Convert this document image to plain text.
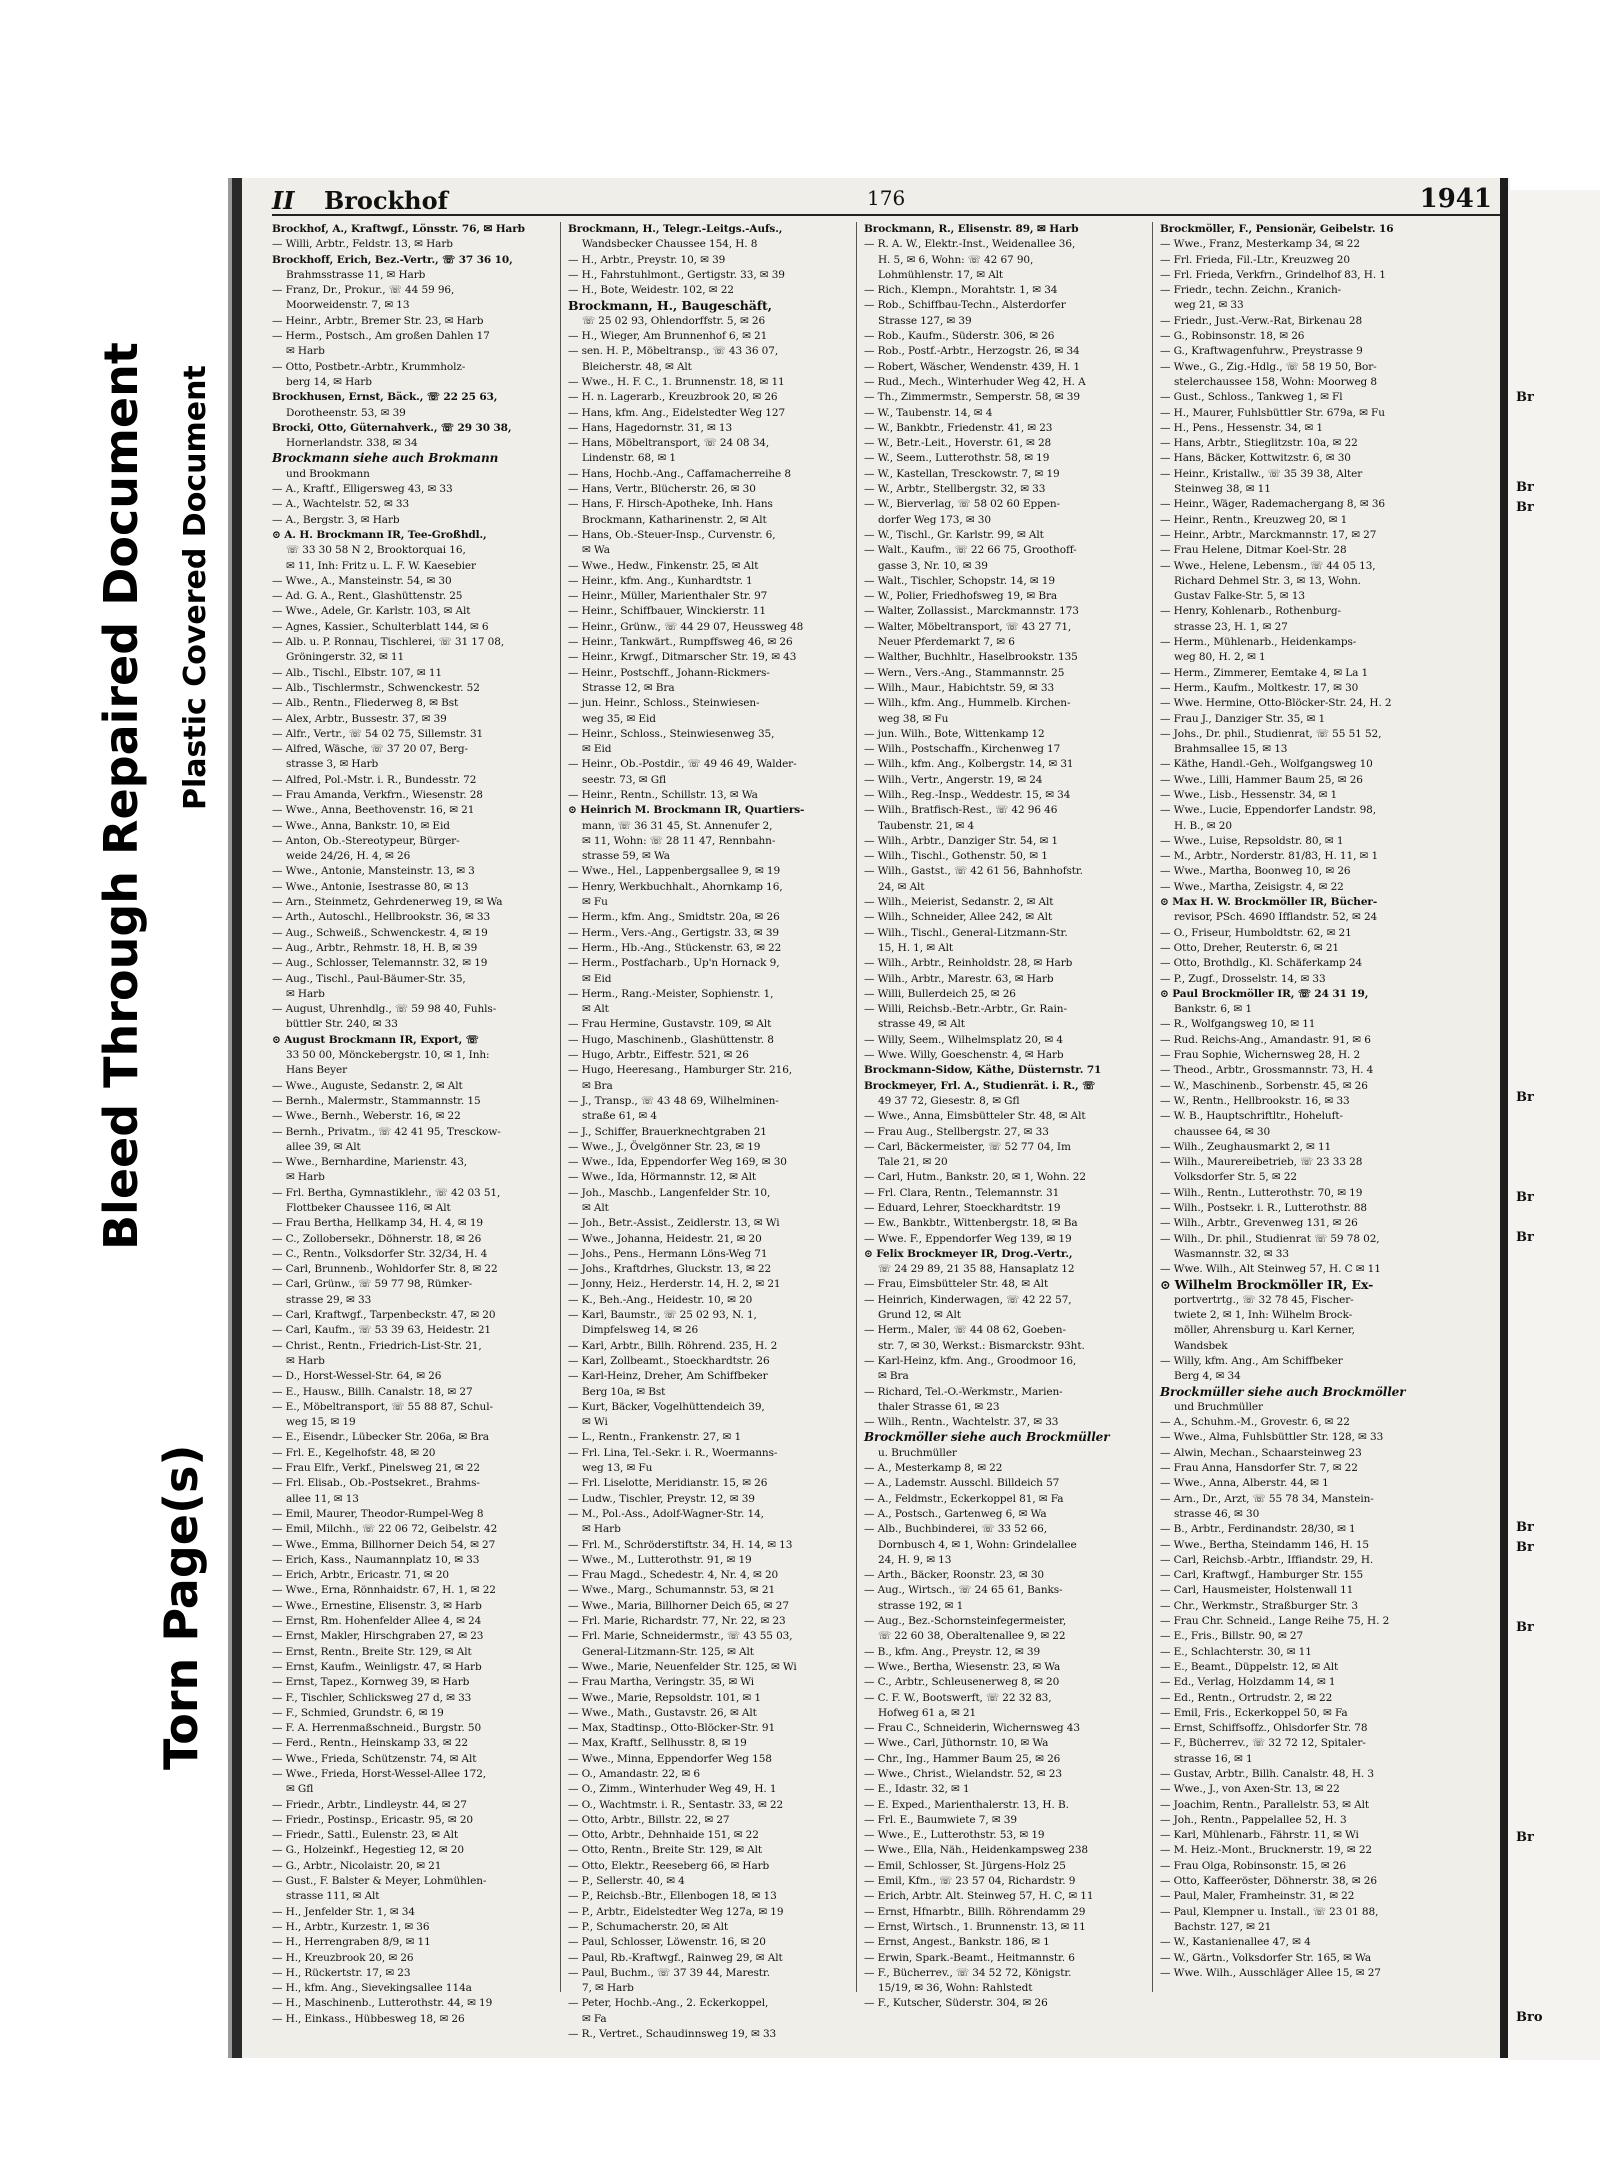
Torn Page(s)
Bleed Through Repaired Document Plastic Covered Document
II Brockhof	176	1941
Brockhof, A., Kraftwgf., Lönsstr. 76, ✉ Harb
— Willi, Arbtr., Feldstr. 13, ✉ Harb
Brockhoff, Erich, Bez.-Vertr., ☏ 37 36 10,
Brahmsstrasse 11, ✉ Harb
— Franz, Dr., Prokur., ☏ 44 59 96,
Moorweidenstr. 7, ✉ 13
— Heinr., Arbtr., Bremer Str. 23, ✉ Harb
— Herm., Postsch., Am großen Dahlen 17
✉ Harb
— Otto, Postbetr.-Arbtr., Krummholz-
berg 14, ✉ Harb
Brockhusen, Ernst, Bäck., ☏ 22 25 63,
Dorotheenstr. 53, ✉ 39
Brocki, Otto, Güternahverk., ☏ 29 30 38,
Hornerlandstr. 338, ✉ 34
Brockmann siehe auch Brokmann
und Brookmann
— A., Kraftf., Elligersweg 43, ✉ 33
— A., Wachtelstr. 52, ✉ 33
— A., Bergstr. 3, ✉ Harb
⊙ A. H. Brockmann IR, Tee-Großhdl.,
☏ 33 30 58 N 2, Brooktorquai 16,
✉ 11, Inh: Fritz u. L. F. W. Kaesebier
— Wwe., A., Mansteinstr. 54, ✉ 30
— Ad. G. A., Rent., Glashüttenstr. 25
— Wwe., Adele, Gr. Karlstr. 103, ✉ Alt
— Agnes, Kassier., Schulterblatt 144, ✉ 6
— Alb. u. P. Ronnau, Tischlerei, ☏ 31 17 08,
Gröningerstr. 32, ✉ 11
— Alb., Tischl., Elbstr. 107, ✉ 11
— Alb., Tischlermstr., Schwenckestr. 52
— Alb., Rentn., Fliederweg 8, ✉ Bst
— Alex, Arbtr., Bussestr. 37, ✉ 39
— Alfr., Vertr., ☏ 54 02 75, Sillemstr. 31
— Alfred, Wäsche, ☏ 37 20 07, Berg-
strasse 3, ✉ Harb
— Alfred, Pol.-Mstr. i. R., Bundesstr. 72
— Frau Amanda, Verkfrn., Wiesenstr. 28
— Wwe., Anna, Beethovenstr. 16, ✉ 21
— Wwe., Anna, Bankstr. 10, ✉ Eid
— Anton, Ob.-Stereotypeur, Bürger-
weide 24/26, H. 4, ✉ 26
— Wwe., Antonie, Mansteinstr. 13, ✉ 3
— Wwe., Antonie, Isestrasse 80, ✉ 13
— Arn., Steinmetz, Gehrdenerweg 19, ✉ Wa
— Arth., Autoschl., Hellbrookstr. 36, ✉ 33
— Aug., Schweiß., Schwenckestr. 4, ✉ 19
— Aug., Arbtr., Rehmstr. 18, H. B, ✉ 39
— Aug., Schlosser, Telemannstr. 32, ✉ 19
— Aug., Tischl., Paul-Bäumer-Str. 35,
✉ Harb
— August, Uhrenhdlg., ☏ 59 98 40, Fuhls-
büttler Str. 240, ✉ 33
⊙ August Brockmann IR, Export, ☏
33 50 00, Mönckebergstr. 10, ✉ 1, Inh:
Hans Beyer
— Wwe., Auguste, Sedanstr. 2, ✉ Alt
— Bernh., Malermstr., Stammannstr. 15
— Wwe., Bernh., Weberstr. 16, ✉ 22
— Bernh., Privatm., ☏ 42 41 95, Tresckow-
allee 39, ✉ Alt
— Wwe., Bernhardine, Marienstr. 43,
✉ Harb
— Frl. Bertha, Gymnastiklehr., ☏ 42 03 51,
Flottbeker Chaussee 116, ✉ Alt
— Frau Bertha, Hellkamp 34, H. 4, ✉ 19
— C., Zollobersekr., Döhnerstr. 18, ✉ 26
— C., Rentn., Volksdorfer Str. 32/34, H. 4
— Carl, Brunnenb., Wohldorfer Str. 8, ✉ 22
— Carl, Grünw., ☏ 59 77 98, Rümker-
strasse 29, ✉ 33
— Carl, Kraftwgf., Tarpenbeckstr. 47, ✉ 20
— Carl, Kaufm., ☏ 53 39 63, Heidestr. 21
— Christ., Rentn., Friedrich-List-Str. 21,
✉ Harb
— D., Horst-Wessel-Str. 64, ✉ 26
— E., Hausw., Billh. Canalstr. 18, ✉ 27
— E., Möbeltransport, ☏ 55 88 87, Schul-
weg 15, ✉ 19
— E., Eisendr., Lübecker Str. 206a, ✉ Bra
— Frl. E., Kegelhofstr. 48, ✉ 20
— Frau Elfr., Verkf., Pinelsweg 21, ✉ 22
— Frl. Elisab., Ob.-Postsekret., Brahms-
allee 11, ✉ 13
— Emil, Maurer, Theodor-Rumpel-Weg 8
— Emil, Milchh., ☏ 22 06 72, Geibelstr. 42
— Wwe., Emma, Billhorner Deich 54, ✉ 27
— Erich, Kass., Naumannplatz 10, ✉ 33
— Erich, Arbtr., Ericastr. 71, ✉ 20
— Wwe., Erna, Rönnhaidstr. 67, H. 1, ✉ 22
— Wwe., Ernestine, Elisenstr. 3, ✉ Harb
— Ernst, Rm. Hohenfelder Allee 4, ✉ 24
— Ernst, Makler, Hirschgraben 27, ✉ 23
— Ernst, Rentn., Breite Str. 129, ✉ Alt
— Ernst, Kaufm., Weinligstr. 47, ✉ Harb
— Ernst, Tapez., Kornweg 39, ✉ Harb
— F., Tischler, Schlicksweg 27 d, ✉ 33
— F., Schmied, Grundstr. 6, ✉ 19
— F. A. Herrenmaßschneid., Burgstr. 50
— Ferd., Rentn., Heinskamp 33, ✉ 22
— Wwe., Frieda, Schützenstr. 74, ✉ Alt
— Wwe., Frieda, Horst-Wessel-Allee 172,
✉ Gfl
— Friedr., Arbtr., Lindleystr. 44, ✉ 27
— Friedr., Postinsp., Ericastr. 95, ✉ 20
— Friedr., Sattl., Eulenstr. 23, ✉ Alt
— G., Holzeinkf., Hegestieg 12, ✉ 20
— G., Arbtr., Nicolaistr. 20, ✉ 21
— Gust., F. Balster & Meyer, Lohmühlen-
strasse 111, ✉ Alt
— H., Jenfelder Str. 1, ✉ 34
— H., Arbtr., Kurzestr. 1, ✉ 36
— H., Herrengraben 8/9, ✉ 11
— H., Kreuzbrook 20, ✉ 26
— H., Rückertstr. 17, ✉ 23
— H., kfm. Ang., Sievekingsallee 114a
— H., Maschinenb., Lutterothstr. 44, ✉ 19
— H., Einkass., Hübbesweg 18, ✉ 26
Brockmann, H., Telegr.-Leitgs.-Aufs.,
Wandsbecker Chaussee 154, H. 8
— H., Arbtr., Preystr. 10, ✉ 39
— H., Fahrstuhlmont., Gertigstr. 33, ✉ 39
— H., Bote, Weidestr. 102, ✉ 22
Brockmann, H., Baugeschäft,
☏ 25 02 93, Ohlendorffstr. 5, ✉ 26
— H., Wieger, Am Brunnenhof 6, ✉ 21
— sen. H. P., Möbeltransp., ☏ 43 36 07,
Bleicherstr. 48, ✉ Alt
— Wwe., H. F. C., 1. Brunnenstr. 18, ✉ 11
— H. n. Lagerarb., Kreuzbrook 20, ✉ 26
— Hans, kfm. Ang., Eidelstedter Weg 127
— Hans, Hagedornstr. 31, ✉ 13
— Hans, Möbeltransport, ☏ 24 08 34,
Lindenstr. 68, ✉ 1
— Hans, Hochb.-Ang., Caffamacherreihe 8
— Hans, Vertr., Blücherstr. 26, ✉ 30
— Hans, F. Hirsch-Apotheke, Inh. Hans
Brockmann, Katharinenstr. 2, ✉ Alt
— Hans, Ob.-Steuer-Insp., Curvenstr. 6,
✉ Wa
— Wwe., Hedw., Finkenstr. 25, ✉ Alt
— Heinr., kfm. Ang., Kunhardtstr. 1
— Heinr., Müller, Marienthaler Str. 97
— Heinr., Schiffbauer, Winckierstr. 11
— Heinr., Grünw., ☏ 44 29 07, Heussweg 48
— Heinr., Tankwärt., Rumpffsweg 46, ✉ 26
— Heinr., Krwgf., Ditmarscher Str. 19, ✉ 43
— Heinr., Postschff., Johann-Rickmers-
Strasse 12, ✉ Bra
— jun. Heinr., Schloss., Steinwiesen-
weg 35, ✉ Eid
— Heinr., Schloss., Steinwiesenweg 35,
✉ Eid
— Heinr., Ob.-Postdir., ☏ 49 46 49, Walder-
seestr. 73, ✉ Gfl
— Heinr., Rentn., Schillstr. 13, ✉ Wa
⊙ Heinrich M. Brockmann IR, Quartiers-
mann, ☏ 36 31 45, St. Annenufer 2,
✉ 11, Wohn: ☏ 28 11 47, Rennbahn-
strasse 59, ✉ Wa
— Wwe., Hel., Lappenbergsallee 9, ✉ 19
— Henry, Werkbuchhalt., Ahornkamp 16,
✉ Fu
— Herm., kfm. Ang., Smidtstr. 20a, ✉ 26
— Herm., Vers.-Ang., Gertigstr. 33, ✉ 39
— Herm., Hb.-Ang., Stückenstr. 63, ✉ 22
— Herm., Postfacharb., Up'n Hornack 9,
✉ Eid
— Herm., Rang.-Meister, Sophienstr. 1,
✉ Alt
— Frau Hermine, Gustavstr. 109, ✉ Alt
— Hugo, Maschinenb., Glashüttenstr. 8
— Hugo, Arbtr., Eiffestr. 521, ✉ 26
— Hugo, Heeresang., Hamburger Str. 216,
✉ Bra
— J., Transp., ☏ 43 48 69, Wilhelminen-
straße 61, ✉ 4
— J., Schiffer, Brauerknechtgraben 21
— Wwe., J., Övelgönner Str. 23, ✉ 19
— Wwe., Ida, Eppendorfer Weg 169, ✉ 30
— Wwe., Ida, Hörmannstr. 12, ✉ Alt
— Joh., Maschb., Langenfelder Str. 10,
✉ Alt
— Joh., Betr.-Assist., Zeidlerstr. 13, ✉ Wi
— Wwe., Johanna, Heidestr. 21, ✉ 20
— Johs., Pens., Hermann Löns-Weg 71
— Johs., Kraftdrhes, Gluckstr. 13, ✉ 22
— Jonny, Heiz., Herderstr. 14, H. 2, ✉ 21
— K., Beh.-Ang., Heidestr. 10, ✉ 20
— Karl, Baumstr., ☏ 25 02 93, N. 1,
Dimpfelsweg 14, ✉ 26
— Karl, Arbtr., Billh. Röhrend. 235, H. 2
— Karl, Zollbeamt., Stoeckhardtstr. 26
— Karl-Heinz, Dreher, Am Schiffbeker
Berg 10a, ✉ Bst
— Kurt, Bäcker, Vogelhüttendeich 39,
✉ Wi
— L., Rentn., Frankenstr. 27, ✉ 1
— Frl. Lina, Tel.-Sekr. i. R., Woermanns-
weg 13, ✉ Fu
— Frl. Liselotte, Meridianstr. 15, ✉ 26
— Ludw., Tischler, Preystr. 12, ✉ 39
— M., Pol.-Ass., Adolf-Wagner-Str. 14,
✉ Harb
— Frl. M., Schröderstiftstr. 34, H. 14, ✉ 13
— Wwe., M., Lutterothstr. 91, ✉ 19
— Frau Magd., Schedestr. 4, Nr. 4, ✉ 20
— Wwe., Marg., Schumannstr. 53, ✉ 21
— Wwe., Maria, Billhorner Deich 65, ✉ 27
— Frl. Marie, Richardstr. 77, Nr. 22, ✉ 23
— Frl. Marie, Schneidermstr., ☏ 43 55 03,
General-Litzmann-Str. 125, ✉ Alt
— Wwe., Marie, Neuenfelder Str. 125, ✉ Wi
— Frau Martha, Veringstr. 35, ✉ Wi
— Wwe., Marie, Repsoldstr. 101, ✉ 1
— Wwe., Math., Gustavstr. 26, ✉ Alt
— Max, Stadtinsp., Otto-Blöcker-Str. 91
— Max, Kraftf., Sellhusstr. 8, ✉ 19
— Wwe., Minna, Eppendorfer Weg 158
— O., Amandastr. 22, ✉ 6
— O., Zimm., Winterhuder Weg 49, H. 1
— O., Wachtmstr. i. R., Sentastr. 33, ✉ 22
— Otto, Arbtr., Billstr. 22, ✉ 27
— Otto, Arbtr., Dehnhaide 151, ✉ 22
— Otto, Rentn., Breite Str. 129, ✉ Alt
— Otto, Elektr., Reeseberg 66, ✉ Harb
— P., Sellerstr. 40, ✉ 4
— P., Reichsb.-Btr., Ellenbogen 18, ✉ 13
— P., Arbtr., Eidelstedter Weg 127a, ✉ 19
— P., Schumacherstr. 20, ✉ Alt
— Paul, Schlosser, Löwenstr. 16, ✉ 20
— Paul, Rb.-Kraftwgf., Rainweg 29, ✉ Alt
— Paul, Buchm., ☏ 37 39 44, Marestr.
7, ✉ Harb
— Peter, Hochb.-Ang., 2. Eckerkoppel,
✉ Fa
— R., Vertret., Schaudinnsweg 19, ✉ 33
Brockmann, R., Elisenstr. 89, ✉ Harb
— R. A. W., Elektr.-Inst., Weidenallee 36,
H. 5, ✉ 6, Wohn: ☏ 42 67 90,
Lohmühlenstr. 17, ✉ Alt
— Rich., Klempn., Morahtstr. 1, ✉ 34
— Rob., Schiffbau-Techn., Alsterdorfer
Strasse 127, ✉ 39
— Rob., Kaufm., Süderstr. 306, ✉ 26
— Rob., Postf.-Arbtr., Herzogstr. 26, ✉ 34
— Robert, Wäscher, Wendenstr. 439, H. 1
— Rud., Mech., Winterhuder Weg 42, H. A
— Th., Zimmermstr., Semperstr. 58, ✉ 39
— W., Taubenstr. 14, ✉ 4
— W., Bankbtr., Friedenstr. 41, ✉ 23
— W., Betr.-Leit., Hoverstr. 61, ✉ 28
— W., Seem., Lutterothstr. 58, ✉ 19
— W., Kastellan, Tresckowstr. 7, ✉ 19
— W., Arbtr., Stellbergstr. 32, ✉ 33
— W., Bierverlag, ☏ 58 02 60 Eppen-
dorfer Weg 173, ✉ 30
— W., Tischl., Gr. Karlstr. 99, ✉ Alt
— Walt., Kaufm., ☏ 22 66 75, Groothoff-
gasse 3, Nr. 10, ✉ 39
— Walt., Tischler, Schopstr. 14, ✉ 19
— W., Polier, Friedhofsweg 19, ✉ Bra
— Walter, Zollassist., Marckmannstr. 173
— Walter, Möbeltransport, ☏ 43 27 71,
Neuer Pferdemarkt 7, ✉ 6
— Walther, Buchhltr., Haselbrookstr. 135
— Wern., Vers.-Ang., Stammannstr. 25
— Wilh., Maur., Habichtstr. 59, ✉ 33
— Wilh., kfm. Ang., Hummelb. Kirchen-
weg 38, ✉ Fu
— jun. Wilh., Bote, Wittenkamp 12
— Wilh., Postschaffn., Kirchenweg 17
— Wilh., kfm. Ang., Kolbergstr. 14, ✉ 31
— Wilh., Vertr., Angerstr. 19, ✉ 24
— Wilh., Reg.-Insp., Weddestr. 15, ✉ 34
— Wilh., Bratfisch-Rest., ☏ 42 96 46
Taubenstr. 21, ✉ 4
— Wilh., Arbtr., Danziger Str. 54, ✉ 1
— Wilh., Tischl., Gothenstr. 50, ✉ 1
— Wilh., Gastst., ☏ 42 61 56, Bahnhofstr.
24, ✉ Alt
— Wilh., Meierist, Sedanstr. 2, ✉ Alt
— Wilh., Schneider, Allee 242, ✉ Alt
— Wilh., Tischl., General-Litzmann-Str.
15, H. 1, ✉ Alt
— Wilh., Arbtr., Reinholdstr. 28, ✉ Harb
— Wilh., Arbtr., Marestr. 63, ✉ Harb
— Willi, Bullerdeich 25, ✉ 26
— Willi, Reichsb.-Betr.-Arbtr., Gr. Rain-
strasse 49, ✉ Alt
— Willy, Seem., Wilhelmsplatz 20, ✉ 4
— Wwe. Willy, Goeschenstr. 4, ✉ Harb
Brockmann-Sidow, Käthe, Düsternstr. 71
Brockmeyer, Frl. A., Studienrät. i. R., ☏
49 37 72, Giesestr. 8, ✉ Gfl
— Wwe., Anna, Eimsbütteler Str. 48, ✉ Alt
— Frau Aug., Stellbergstr. 27, ✉ 33
— Carl, Bäckermeister, ☏ 52 77 04, Im
Tale 21, ✉ 20
— Carl, Hutm., Bankstr. 20, ✉ 1, Wohn. 22
— Frl. Clara, Rentn., Telemannstr. 31
— Eduard, Lehrer, Stoeckhardtstr. 19
— Ew., Bankbtr., Wittenbergstr. 18, ✉ Ba
— Wwe. F., Eppendorfer Weg 139, ✉ 19
⊙ Felix Brockmeyer IR, Drog.-Vertr.,
☏ 24 29 89, 21 35 88, Hansaplatz 12
— Frau, Eimsbütteler Str. 48, ✉ Alt
— Heinrich, Kinderwagen, ☏ 42 22 57,
Grund 12, ✉ Alt
— Herm., Maler, ☏ 44 08 62, Goeben-
str. 7, ✉ 30, Werkst.: Bismarckstr. 93ht.
— Karl-Heinz, kfm. Ang., Groodmoor 16,
✉ Bra
— Richard, Tel.-O.-Werkmstr., Marien-
thaler Strasse 61, ✉ 23
— Wilh., Rentn., Wachtelstr. 37, ✉ 33
Brockmöller siehe auch Brockmüller
u. Bruchmüller
— A., Mesterkamp 8, ✉ 22
— A., Lademstr. Ausschl. Billdeich 57
— A., Feldmstr., Eckerkoppel 81, ✉ Fa
— A., Postsch., Gartenweg 6, ✉ Wa
— Alb., Buchbinderei, ☏ 33 52 66,
Dornbusch 4, ✉ 1, Wohn: Grindelallee
24, H. 9, ✉ 13
— Arth., Bäcker, Roonstr. 23, ✉ 30
— Aug., Wirtsch., ☏ 24 65 61, Banks-
strasse 192, ✉ 1
— Aug., Bez.-Schornsteinfegermeister,
☏ 22 60 38, Oberaltenallee 9, ✉ 22
— B., kfm. Ang., Preystr. 12, ✉ 39
— Wwe., Bertha, Wiesenstr. 23, ✉ Wa
— C., Arbtr., Schleusenerweg 8, ✉ 20
— C. F. W., Bootswerft, ☏ 22 32 83,
Hofweg 61 a, ✉ 21
— Frau C., Schneiderin, Wichernsweg 43
— Wwe., Carl, Jüthornstr. 10, ✉ Wa
— Chr., Ing., Hammer Baum 25, ✉ 26
— Wwe., Christ., Wielandstr. 52, ✉ 23
— E., Idastr. 32, ✉ 1
— E. Exped., Marienthalerstr. 13, H. B.
— Frl. E., Baumwiete 7, ✉ 39
— Wwe., E., Lutterothstr. 53, ✉ 19
— Wwe., Ella, Näh., Heidenkampsweg 238
— Emil, Schlosser, St. Jürgens-Holz 25
— Emil, Kfm., ☏ 23 57 04, Richardstr. 9
— Erich, Arbtr. Alt. Steinweg 57, H. C, ✉ 11
— Ernst, Hfnarbtr., Billh. Röhrendamm 29
— Ernst, Wirtsch., 1. Brunnenstr. 13, ✉ 11
— Ernst, Angest., Bankstr. 186, ✉ 1
— Erwin, Spark.-Beamt., Heitmannstr. 6
— F., Bücherrev., ☏ 34 52 72, Königstr.
15/19, ✉ 36, Wohn: Rahlstedt
— F., Kutscher, Süderstr. 304, ✉ 26
Brockmöller, F., Pensionär, Geibelstr. 16
— Wwe., Franz, Mesterkamp 34, ✉ 22
— Frl. Frieda, Fil.-Ltr., Kreuzweg 20
— Frl. Frieda, Verkfrn., Grindelhof 83, H. 1
— Friedr., techn. Zeichn., Kranich-
weg 21, ✉ 33
— Friedr., Just.-Verw.-Rat, Birkenau 28
— G., Robinsonstr. 18, ✉ 26
— G., Kraftwagenfuhrw., Preystrasse 9
— Wwe., G., Zig.-Hdlg., ☏ 58 19 50, Bor-
stelerchaussee 158, Wohn: Moorweg 8
— Gust., Schloss., Tankweg 1, ✉ Fl
— H., Maurer, Fuhlsbüttler Str. 679a, ✉ Fu
— H., Pens., Hessenstr. 34, ✉ 1
— Hans, Arbtr., Stieglitzstr. 10a, ✉ 22
— Hans, Bäcker, Kottwitzstr. 6, ✉ 30
— Heinr., Kristallw., ☏ 35 39 38, Alter
Steinweg 38, ✉ 11
— Heinr., Wäger, Rademachergang 8, ✉ 36
— Heinr., Rentn., Kreuzweg 20, ✉ 1
— Heinr., Arbtr., Marckmannstr. 17, ✉ 27
— Frau Helene, Ditmar Koel-Str. 28
— Wwe., Helene, Lebensm., ☏ 44 05 13,
Richard Dehmel Str. 3, ✉ 13, Wohn.
Gustav Falke-Str. 5, ✉ 13
— Henry, Kohlenarb., Rothenburg-
strasse 23, H. 1, ✉ 27
— Herm., Mühlenarb., Heidenkamps-
weg 80, H. 2, ✉ 1
— Herm., Zimmerer, Eemtake 4, ✉ La 1
— Herm., Kaufm., Moltkestr. 17, ✉ 30
— Wwe. Hermine, Otto-Blöcker-Str. 24, H. 2
— Frau J., Danziger Str. 35, ✉ 1
— Johs., Dr. phil., Studienrat, ☏ 55 51 52,
Brahmsallee 15, ✉ 13
— Käthe, Handl.-Geh., Wolfgangsweg 10
— Wwe., Lilli, Hammer Baum 25, ✉ 26
— Wwe., Lisb., Hessenstr. 34, ✉ 1
— Wwe., Lucie, Eppendorfer Landstr. 98,
H. B., ✉ 20
— Wwe., Luise, Repsoldstr. 80, ✉ 1
— M., Arbtr., Norderstr. 81/83, H. 11, ✉ 1
— Wwe., Martha, Boonweg 10, ✉ 26
— Wwe., Martha, Zeisigstr. 4, ✉ 22
⊙ Max H. W. Brockmöller IR, Bücher-
revisor, PSch. 4690 Ifflandstr. 52, ✉ 24
— O., Friseur, Humboldtstr. 62, ✉ 21
— Otto, Dreher, Reuterstr. 6, ✉ 21
— Otto, Brothdlg., Kl. Schäferkamp 24
— P., Zugf., Drosselstr. 14, ✉ 33
⊙ Paul Brockmöller IR, ☏ 24 31 19,
Bankstr. 6, ✉ 1
— R., Wolfgangsweg 10, ✉ 11
— Rud. Reichs-Ang., Amandastr. 91, ✉ 6
— Frau Sophie, Wichernsweg 28, H. 2
— Theod., Arbtr., Grossmannstr. 73, H. 4
— W., Maschinenb., Sorbenstr. 45, ✉ 26
— W., Rentn., Hellbrookstr. 16, ✉ 33
— W. B., Hauptschriftltr., Hoheluft-
chaussee 64, ✉ 30
— Wilh., Zeughausmarkt 2, ✉ 11
— Wilh., Maurereibetrieb, ☏ 23 33 28
Volksdorfer Str. 5, ✉ 22
— Wilh., Rentn., Lutterothstr. 70, ✉ 19
— Wilh., Postsekr. i. R., Lutterothstr. 88
— Wilh., Arbtr., Grevenweg 131, ✉ 26
— Wilh., Dr. phil., Studienrat ☏ 59 78 02,
Wasmannstr. 32, ✉ 33
— Wwe. Wilh., Alt Steinweg 57, H. C ✉ 11
⊙ Wilhelm Brockmöller IR, Ex-
portvertrtg., ☏ 32 78 45, Fischer-
twiete 2, ✉ 1, Inh: Wilhelm Brock-
möller, Ahrensburg u. Karl Kerner,
Wandsbek
— Willy, kfm. Ang., Am Schiffbeker
Berg 4, ✉ 34
Brockmüller siehe auch Brockmöller
und Bruchmüller
— A., Schuhm.-M., Grovestr. 6, ✉ 22
— Wwe., Alma, Fuhlsbüttler Str. 128, ✉ 33
— Alwin, Mechan., Schaarsteinweg 23
— Frau Anna, Hansdorfer Str. 7, ✉ 22
— Wwe., Anna, Alberstr. 44, ✉ 1
— Arn., Dr., Arzt, ☏ 55 78 34, Manstein-
strasse 46, ✉ 30
— B., Arbtr., Ferdinandstr. 28/30, ✉ 1
— Wwe., Bertha, Steindamm 146, H. 15
— Carl, Reichsb.-Arbtr., Iffiandstr. 29, H.
— Carl, Kraftwgf., Hamburger Str. 155
— Carl, Hausmeister, Holstenwall 11
— Chr., Werkmstr., Straßburger Str. 3
— Frau Chr. Schneid., Lange Reihe 75, H. 2
— E., Fris., Billstr. 90, ✉ 27
— E., Schlachterstr. 30, ✉ 11
— E., Beamt., Düppelstr. 12, ✉ Alt
— Ed., Verlag, Holzdamm 14, ✉ 1
— Ed., Rentn., Ortrudstr. 2, ✉ 22
— Emil, Fris., Eckerkoppel 50, ✉ Fa
— Ernst, Schiffsoffz., Ohlsdorfer Str. 78
— F., Bücherrev., ☏ 32 72 12, Spitaler-
strasse 16, ✉ 1
— Gustav, Arbtr., Billh. Canalstr. 48, H. 3
— Wwe., J., von Axen-Str. 13, ✉ 22
— Joachim, Rentn., Parallelstr. 53, ✉ Alt
— Joh., Rentn., Pappelallee 52, H. 3
— Karl, Mühlenarb., Fährstr. 11, ✉ Wi
— M. Heiz.-Mont., Brucknerstr. 19, ✉ 22
— Frau Olga, Robinsonstr. 15, ✉ 26
— Otto, Kaffeeröster, Döhnerstr. 38, ✉ 26
— Paul, Maler, Framheinstr. 31, ✉ 22
— Paul, Klempner u. Install., ☏ 23 01 88,
Bachstr. 127, ✉ 21
— W., Kastanienallee 47, ✉ 4
— W., Gärtn., Volksdorfer Str. 165, ✉ Wa
— Wwe. Wilh., Ausschläger Allee 15, ✉ 27
Br
Br
Br
Br
Br
Br
Br
Br
Br
Br
Bro
